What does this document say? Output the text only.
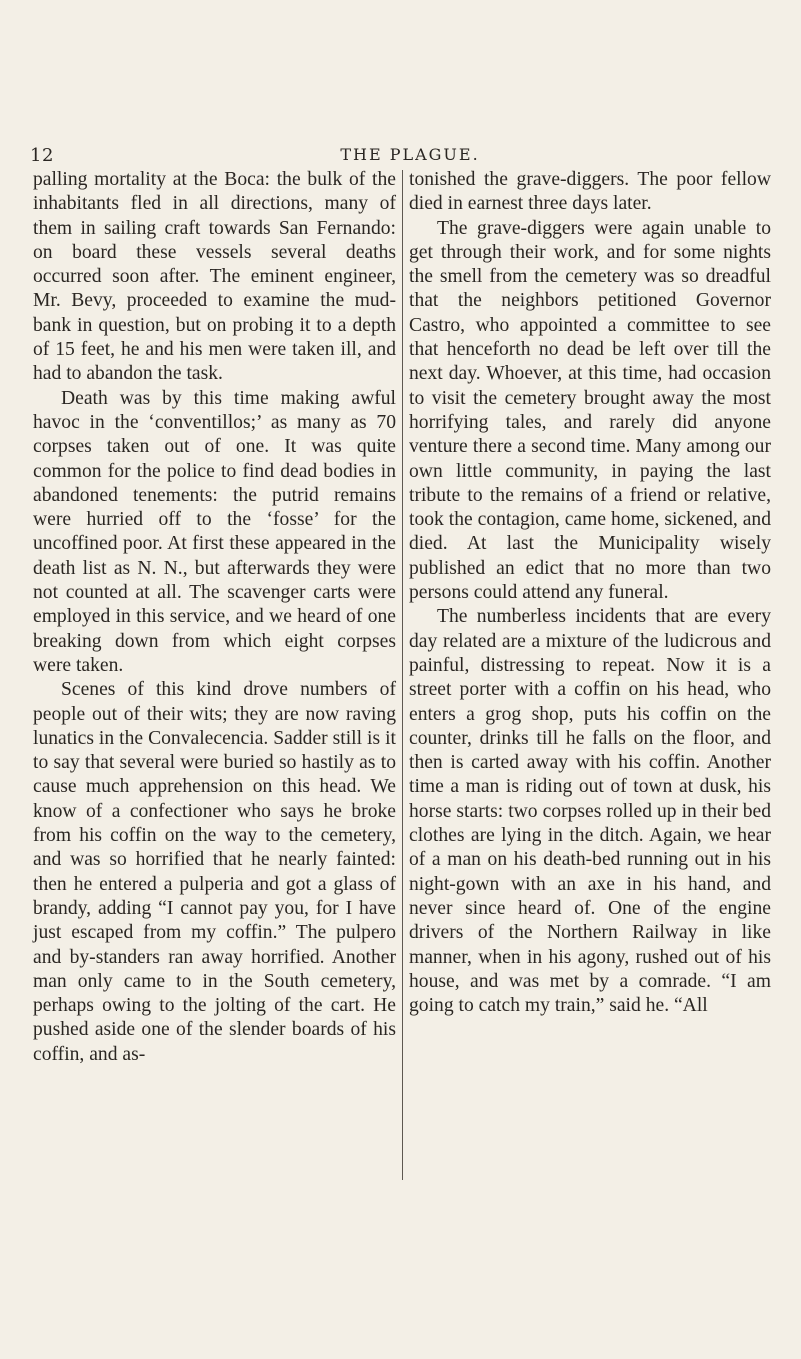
12	THE PLAGUE.

palling mortality at the Boca: the bulk of the inhabitants fled in all directions, many of them in sailing craft towards San Fernando: on board these vessels several deaths occurred soon after. The eminent engineer, Mr. Bevy, proceeded to examine the mud-bank in question, but on probing it to a depth of 15 feet, he and his men were taken ill, and had to abandon the task.

Death was by this time making awful havoc in the ‘conventillos;’ as many as 70 corpses taken out of one. It was quite common for the police to find dead bodies in abandoned tenements: the putrid remains were hurried off to the ‘fosse’ for the uncoffined poor. At first these appeared in the death list as N. N., but afterwards they were not counted at all. The scavenger carts were employed in this service, and we heard of one breaking down from which eight corpses were taken.

Scenes of this kind drove numbers of people out of their wits; they are now raving lunatics in the Convalecencia. Sadder still is it to say that several were buried so hastily as to cause much apprehension on this head. We know of a confectioner who says he broke from his coffin on the way to the cemetery, and was so horrified that he nearly fainted: then he entered a pulperia and got a glass of brandy, adding “I cannot pay you, for I have just escaped from my coffin.” The pulpero and by-standers ran away horrified. Another man only came to in the South cemetery, perhaps owing to the jolting of the cart. He pushed aside one of the slender boards of his coffin, and as-

tonished the grave-diggers. The poor fellow died in earnest three days later.

The grave-diggers were again unable to get through their work, and for some nights the smell from the cemetery was so dreadful that the neighbors petitioned Governor Castro, who appointed a committee to see that henceforth no dead be left over till the next day. Whoever, at this time, had occasion to visit the cemetery brought away the most horrifying tales, and rarely did anyone venture there a second time. Many among our own little community, in paying the last tribute to the remains of a friend or relative, took the contagion, came home, sickened, and died. At last the Municipality wisely published an edict that no more than two persons could attend any funeral.

The numberless incidents that are every day related are a mixture of the ludicrous and painful, distressing to repeat. Now it is a street porter with a coffin on his head, who enters a grog shop, puts his coffin on the counter, drinks till he falls on the floor, and then is carted away with his coffin. Another time a man is riding out of town at dusk, his horse starts: two corpses rolled up in their bed clothes are lying in the ditch. Again, we hear of a man on his death-bed running out in his night-gown with an axe in his hand, and never since heard of. One of the engine drivers of the Northern Railway in like manner, when in his agony, rushed out of his house, and was met by a comrade. “I am going to catch my train,” said he. “All
